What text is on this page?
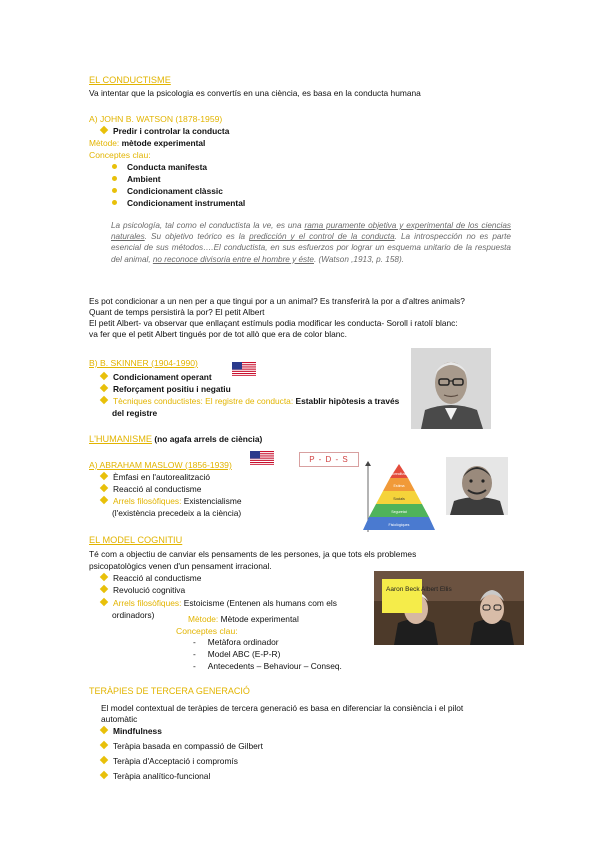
EL CONDUCTISME
Va intentar que la psicologia es convertís en una ciència, es basa en la conducta humana
A) JOHN B. WATSON (1878-1959)
Predir i controlar la conducta
Mètode: mètode experimental
Conceptes clau:
Conducta manifesta
Ambient
Condicionament clàssic
Condicionament instrumental
La psicología, tal como el conductista la ve, es una rama puramente objetiva y experimental de los ciencias naturales. Su objetivo teórico es la predicción y el control de la conducta. La introspección no es parte esencial de sus métodos….El conductista, en sus esfuerzos por lograr un esquema unitario de la respuesta del animal, no reconoce divisoria entre el hombre y éste. (Watson ,1913, p. 158).
Es pot condicionar a un nen per a que tingui por a un animal? Es transferirà la por a d'altres animals?
Quant de temps persistirà la por? El petit Albert
El petit Albert- va observar que enllaçant estímuls podia modificar les conducta- Soroll i ratolí blanc:
va fer que el petit Albert tingués por de tot allò que era de color blanc.
B) B. SKINNER (1904-1990)
Condicionament operant
Reforçament positiu i negatiu
Tècniques conductistes: El registre de conducta: Establir hipòtesis a través
del registre
L'HUMANISME (no agafa arrels de ciència)
A) ABRAHAM MASLOW (1856-1939)
Èmfasi en l'autorealització
Reacció al conductisme
Arrels filosòfiques: Existencialisme
(l'existència precedeix a la ciència)
P - D - S
Autorealització
Estima
Socials
Seguretat
Fisiològiques
EL MODEL COGNITIU
Té com a objectiu de canviar els pensaments de les persones, ja que tots els problemes
psicopatològics venen d'un pensament irracional.
Reacció al conductisme
Revolució cognitiva
Arrels filosòfiques: Estoicisme (Entenen als humans com els
ordinadors)	Mètode: Mètode experimental
Conceptes clau:
- Metàfora ordinador
- Model ABC (E-P-R)
- Antecedents – Behaviour – Conseq.
Aaron Beck Albert Ellis
TERÀPIES DE TERCERA GENERACIÓ
El model contextual de teràpies de tercera generació es basa en diferenciar la consiència i el pilot
automàtic
Mindfulness
Teràpia basada en compassió de Gilbert
Teràpia d'Acceptació i compromís
Teràpia analítico-funcional
